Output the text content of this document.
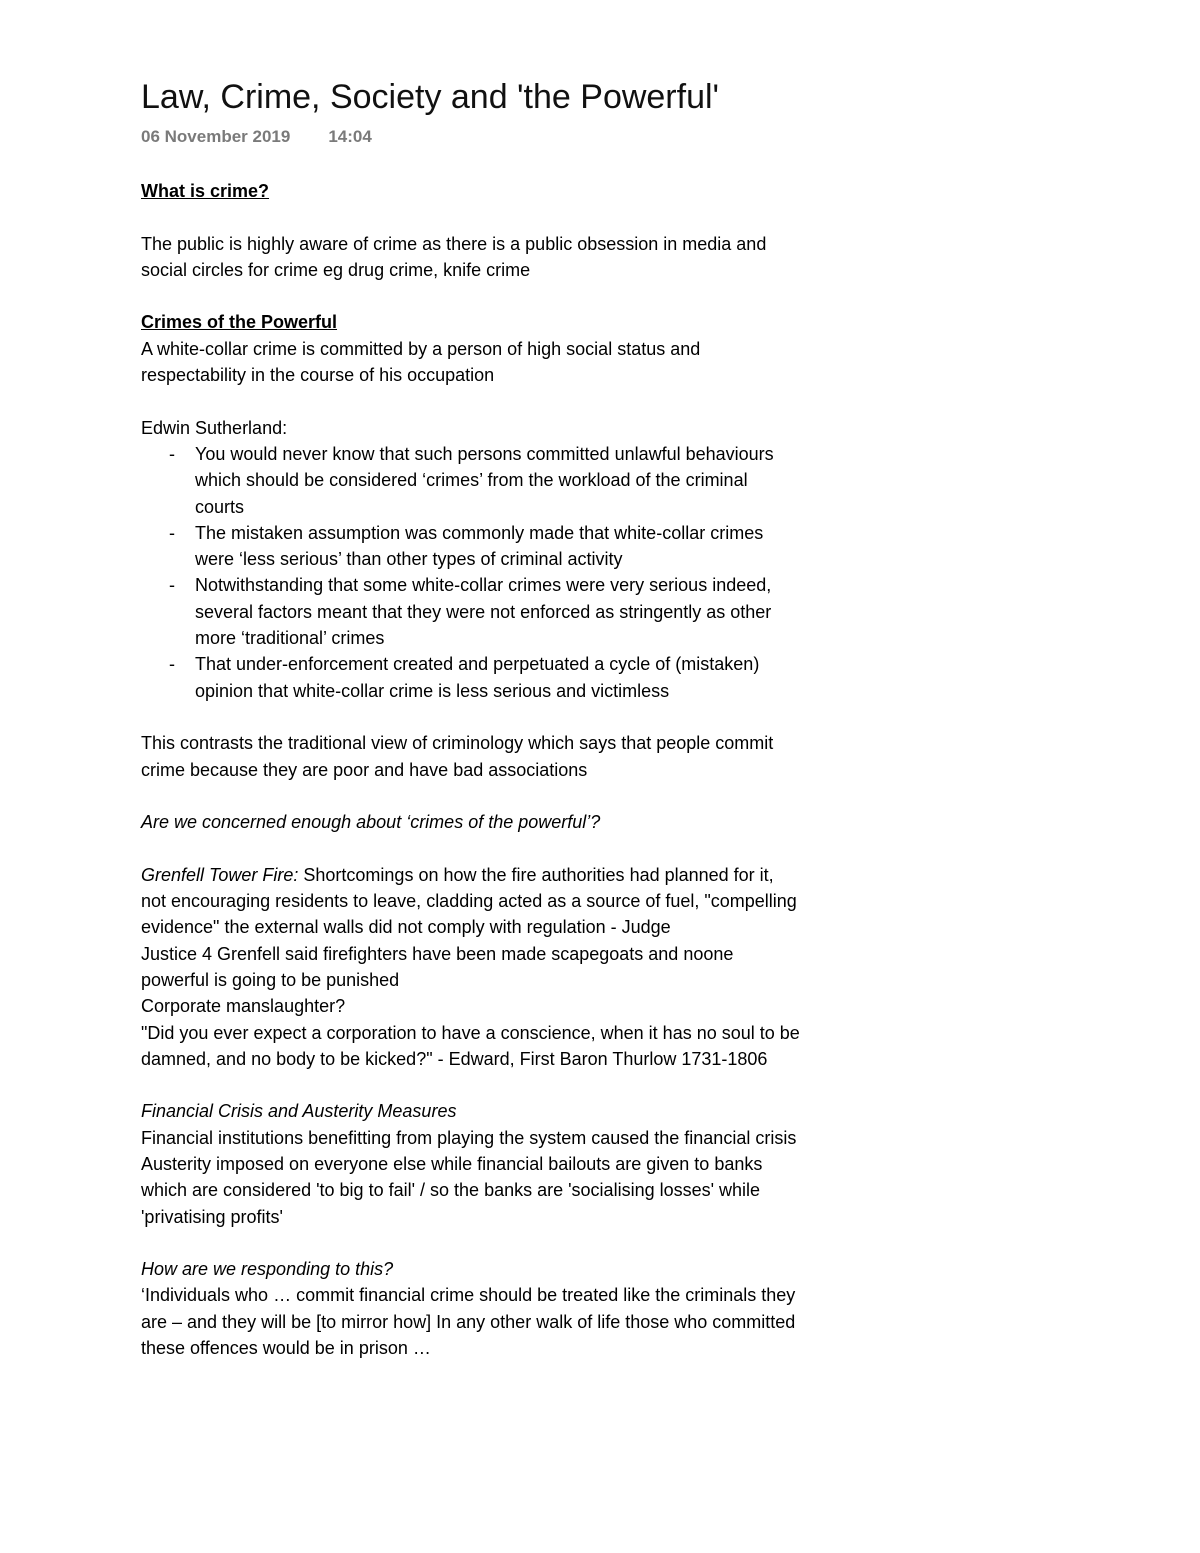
Law, Crime, Society and 'the Powerful'
06 November 2019 14:04

What is crime?

The public is highly aware of crime as there is a public obsession in media and social circles for crime eg drug crime, knife crime

Crimes of the Powerful

A white-collar crime is committed by a person of high social status and respectability in the course of his occupation

Edwin Sutherland:

- You would never know that such persons committed unlawful behaviours which should be considered ‘crimes’ from the workload of the criminal courts
- The mistaken assumption was commonly made that white-collar crimes were ‘less serious’ than other types of criminal activity
- Notwithstanding that some white-collar crimes were very serious indeed, several factors meant that they were not enforced as stringently as other more ‘traditional’ crimes
- That under-enforcement created and perpetuated a cycle of (mistaken) opinion that white-collar crime is less serious and victimless

This contrasts the traditional view of criminology which says that people commit crime because they are poor and have bad associations

Are we concerned enough about ‘crimes of the powerful’?

Grenfell Tower Fire: Shortcomings on how the fire authorities had planned for it, not encouraging residents to leave, cladding acted as a source of fuel, "compelling evidence" the external walls did not comply with regulation - Judge

Justice 4 Grenfell said firefighters have been made scapegoats and noone powerful is going to be punished

Corporate manslaughter?

"Did you ever expect a corporation to have a conscience, when it has no soul to be damned, and no body to be kicked?" - Edward, First Baron Thurlow 1731-1806

Financial Crisis and Austerity Measures

Financial institutions benefitting from playing the system caused the financial crisis

Austerity imposed on everyone else while financial bailouts are given to banks which are considered 'to big to fail' / so the banks are 'socialising losses' while 'privatising profits'

How are we responding to this?

‘Individuals who … commit financial crime should be treated like the criminals they are – and they will be [to mirror how] In any other walk of life those who committed these offences would be in prison …
